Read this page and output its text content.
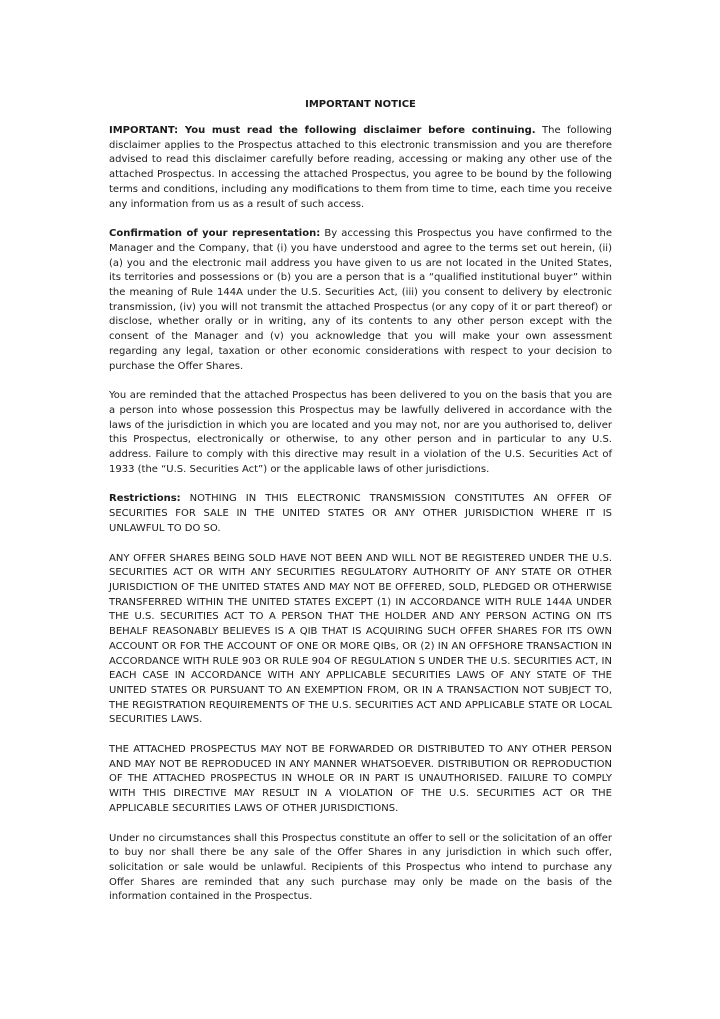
IMPORTANT NOTICE

IMPORTANT: You must read the following disclaimer before continuing. The following disclaimer applies to the Prospectus attached to this electronic transmission and you are therefore advised to read this disclaimer carefully before reading, accessing or making any other use of the attached Prospectus. In accessing the attached Prospectus, you agree to be bound by the following terms and conditions, including any modifications to them from time to time, each time you receive any information from us as a result of such access.

Confirmation of your representation: By accessing this Prospectus you have confirmed to the Manager and the Company, that (i) you have understood and agree to the terms set out herein, (ii) (a) you and the electronic mail address you have given to us are not located in the United States, its territories and possessions or (b) you are a person that is a “qualified institutional buyer” within the meaning of Rule 144A under the U.S. Securities Act, (iii) you consent to delivery by electronic transmission, (iv) you will not transmit the attached Prospectus (or any copy of it or part thereof) or disclose, whether orally or in writing, any of its contents to any other person except with the consent of the Manager and (v) you acknowledge that you will make your own assessment regarding any legal, taxation or other economic considerations with respect to your decision to purchase the Offer Shares.

You are reminded that the attached Prospectus has been delivered to you on the basis that you are a person into whose possession this Prospectus may be lawfully delivered in accordance with the laws of the jurisdiction in which you are located and you may not, nor are you authorised to, deliver this Prospectus, electronically or otherwise, to any other person and in particular to any U.S. address. Failure to comply with this directive may result in a violation of the U.S. Securities Act of 1933 (the “U.S. Securities Act”) or the applicable laws of other jurisdictions.

Restrictions: NOTHING IN THIS ELECTRONIC TRANSMISSION CONSTITUTES AN OFFER OF SECURITIES FOR SALE IN THE UNITED STATES OR ANY OTHER JURISDICTION WHERE IT IS UNLAWFUL TO DO SO.

ANY OFFER SHARES BEING SOLD HAVE NOT BEEN AND WILL NOT BE REGISTERED UNDER THE U.S. SECURITIES ACT OR WITH ANY SECURITIES REGULATORY AUTHORITY OF ANY STATE OR OTHER JURISDICTION OF THE UNITED STATES AND MAY NOT BE OFFERED, SOLD, PLEDGED OR OTHERWISE TRANSFERRED WITHIN THE UNITED STATES EXCEPT (1) IN ACCORDANCE WITH RULE 144A UNDER THE U.S. SECURITIES ACT TO A PERSON THAT THE HOLDER AND ANY PERSON ACTING ON ITS BEHALF REASONABLY BELIEVES IS A QIB THAT IS ACQUIRING SUCH OFFER SHARES FOR ITS OWN ACCOUNT OR FOR THE ACCOUNT OF ONE OR MORE QIBs, OR (2) IN AN OFFSHORE TRANSACTION IN ACCORDANCE WITH RULE 903 OR RULE 904 OF REGULATION S UNDER THE U.S. SECURITIES ACT, IN EACH CASE IN ACCORDANCE WITH ANY APPLICABLE SECURITIES LAWS OF ANY STATE OF THE UNITED STATES OR PURSUANT TO AN EXEMPTION FROM, OR IN A TRANSACTION NOT SUBJECT TO, THE REGISTRATION REQUIREMENTS OF THE U.S. SECURITIES ACT AND APPLICABLE STATE OR LOCAL SECURITIES LAWS.

THE ATTACHED PROSPECTUS MAY NOT BE FORWARDED OR DISTRIBUTED TO ANY OTHER PERSON AND MAY NOT BE REPRODUCED IN ANY MANNER WHATSOEVER. DISTRIBUTION OR REPRODUCTION OF THE ATTACHED PROSPECTUS IN WHOLE OR IN PART IS UNAUTHORISED. FAILURE TO COMPLY WITH THIS DIRECTIVE MAY RESULT IN A VIOLATION OF THE U.S. SECURITIES ACT OR THE APPLICABLE SECURITIES LAWS OF OTHER JURISDICTIONS.

Under no circumstances shall this Prospectus constitute an offer to sell or the solicitation of an offer to buy nor shall there be any sale of the Offer Shares in any jurisdiction in which such offer, solicitation or sale would be unlawful. Recipients of this Prospectus who intend to purchase any Offer Shares are reminded that any such purchase may only be made on the basis of the information contained in the Prospectus.
